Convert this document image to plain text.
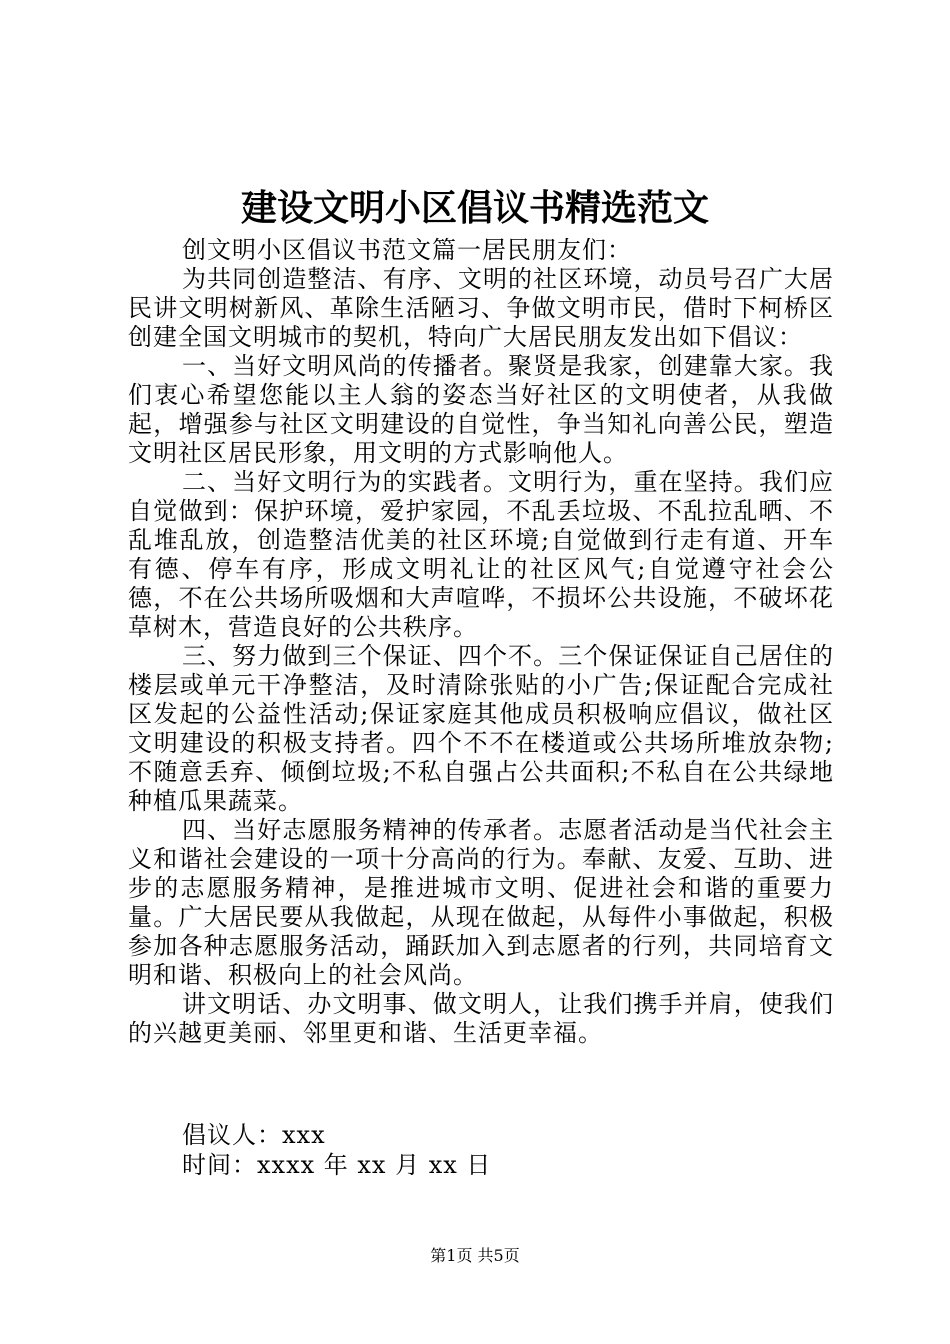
建设文明小区倡议书精选范文

创文明小区倡议书范文篇一居民朋友们：

为共同创造整洁、有序、文明的社区环境，动员号召广大居民讲文明树新风、革除生活陋习、争做文明市民，借时下柯桥区创建全国文明城市的契机，特向广大居民朋友发出如下倡议：

一、当好文明风尚的传播者。聚贤是我家，创建靠大家。我们衷心希望您能以主人翁的姿态当好社区的文明使者，从我做起，增强参与社区文明建设的自觉性，争当知礼向善公民，塑造文明社区居民形象，用文明的方式影响他人。

二、当好文明行为的实践者。文明行为，重在坚持。我们应自觉做到：保护环境，爱护家园，不乱丢垃圾、不乱拉乱晒、不乱堆乱放，创造整洁优美的社区环境;自觉做到行走有道、开车有德、停车有序，形成文明礼让的社区风气;自觉遵守社会公德，不在公共场所吸烟和大声喧哗，不损坏公共设施，不破坏花草树木，营造良好的公共秩序。

三、努力做到三个保证、四个不。三个保证保证自己居住的楼层或单元干净整洁，及时清除张贴的小广告;保证配合完成社区发起的公益性活动;保证家庭其他成员积极响应倡议，做社区文明建设的积极支持者。四个不不在楼道或公共场所堆放杂物;不随意丢弃、倾倒垃圾;不私自强占公共面积;不私自在公共绿地种植瓜果蔬菜。

四、当好志愿服务精神的传承者。志愿者活动是当代社会主义和谐社会建设的一项十分高尚的行为。奉献、友爱、互助、进步的志愿服务精神，是推进城市文明、促进社会和谐的重要力量。广大居民要从我做起，从现在做起，从每件小事做起，积极参加各种志愿服务活动，踊跃加入到志愿者的行列，共同培育文明和谐、积极向上的社会风尚。

讲文明话、办文明事、做文明人，让我们携手并肩，使我们的兴越更美丽、邻里更和谐、生活更幸福。

倡议人：xxx

时间：xxxx 年 xx 月 xx 日

第1页 共5页
